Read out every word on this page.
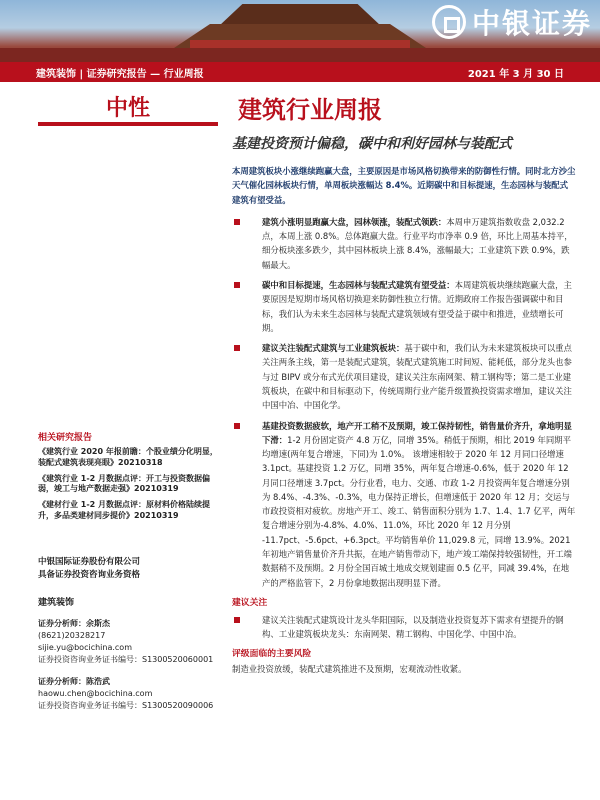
中银证券
建筑装饰 | 证券研究报告 — 行业周报	2021 年 3 月 30 日
中性	建筑行业周报
基建投资预计偏稳，碳中和利好园林与装配式

本周建筑板块小涨继续跑赢大盘，主要原因是市场风格切换带来的防御性行情。同时北方沙尘天气催化园林板块行情，单周板块涨幅达 8.4%。近期碳中和目标提速，生态园林与装配式建筑有望受益。

建筑小涨明显跑赢大盘，园林领涨，装配式领跌：本周申万建筑指数收盘 2,032.2 点，本周上涨 0.8%。总体跑赢大盘。行业平均市净率 0.9 倍，环比上周基本持平，细分板块涨多跌少，其中园林板块上涨 8.4%，涨幅最大；工业建筑下跌 0.9%，跌幅最大。
碳中和目标提速，生态园林与装配式建筑有望受益：本周建筑板块继续跑赢大盘，主要原因是短期市场风格切换迎来防御性独立行情。近期政府工作报告强调碳中和目标，我们认为未来生态园林与装配式建筑领域有望受益于碳中和推进，业绩增长可期。
建议关注装配式建筑与工业建筑板块：基于碳中和，我们认为未来建筑板块可以重点关注两条主线，第一是装配式建筑，装配式建筑施工时间短、能耗低，部分龙头也参与过 BIPV 或分布式光伏项目建设，建议关注东南网架、精工钢构等；第二是工业建筑板块，在碳中和目标驱动下，传统周期行业产能升级置换投资需求增加，建议关注中国中冶、中国化学。
基建投资数据疲软，地产开工稍不及预期，竣工保持韧性，销售量价齐升，拿地明显下滑：1-2 月份固定资产 4.8 万亿，同增 35%。稍低于预期，相比 2019 年同期平均增速(两年复合增速，下同)为 1.0%。 该增速相较于 2020 年 12 月同口径增速 3.1pct。基建投资 1.2 万亿，同增 35%，两年复合增速-0.6%，低于 2020 年 12 月同口径增速 3.7pct。分行业看，电力、交通、市政 1-2 月投资两年复合增速分别为 8.4%、-4.3%、-0.3%，电力保持正增长，但增速低于 2020 年 12 月；交运与市政投资相对疲软。房地产开工、竣工、销售面积分别为 1.7、1.4、1.7 亿平，两年复合增速分别为-4.8%、4.0%、11.0%，环比 2020 年 12 月分别 -11.7pct、-5.6pct、+6.3pct。平均销售单价 11,029.8 元，同增 13.9%。2021 年初地产销售量价齐升共振，在地产销售带动下，地产竣工端保持较强韧性，开工端数据稍不及预期。2 月份全国百城土地成交规划建面 0.5 亿平，同减 39.4%，在地产的严格监管下，2 月份拿地数据出现明显下滑。
建议关注
建议关注装配式建筑设计龙头华阳国际，以及制造业投资复苏下需求有望提升的钢构、工业建筑板块龙头：东南网架、精工钢构、中国化学、中国中冶。
评级面临的主要风险

制造业投资放缓，装配式建筑推进不及预期，宏观流动性收紧。

相关研究报告
《建筑行业 2020 年报前瞻：个股业绩分化明显，装配式建筑表现亮眼》20210318
《建筑行业 1-2 月数据点评：开工与投资数据偏弱，竣工与地产数据走强》20210319
《建材行业 1-2 月数据点评：原材料价格陆续提升，多品类建材同步提价》20210319
中银国际证券股份有限公司
具备证券投资咨询业务资格
建筑装饰
证券分析师：余斯杰
(8621)20328217
sijie.yu@bocichina.com
证券投资咨询业务证书编号：S1300520060001
证券分析师：陈浩武
haowu.chen@bocichina.com
证券投资咨询业务证书编号：S1300520090006
